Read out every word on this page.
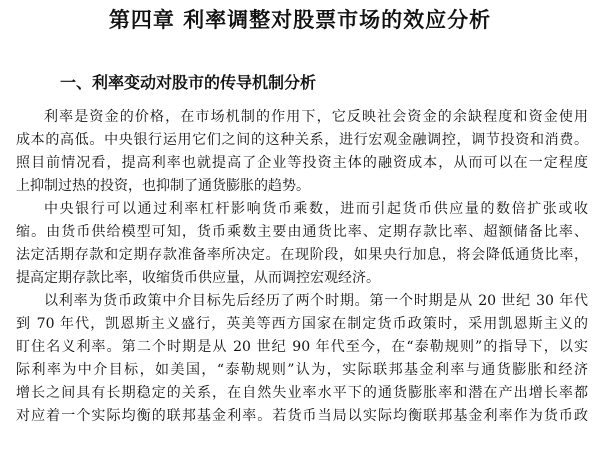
第四章 利率调整对股票市场的效应分析
一、利率变动对股市的传导机制分析
利率是资金的价格，在市场机制的作用下，它反映社会资金的余缺程度和资金使用
成本的高低。中央银行运用它们之间的这种关系，进行宏观金融调控，调节投资和消费。
照目前情况看，提高利率也就提高了企业等投资主体的融资成本，从而可以在一定程度
上抑制过热的投资，也抑制了通货膨胀的趋势。
中央银行可以通过利率杠杆影响货币乘数，进而引起货币供应量的数倍扩张或收
缩。由货币供给模型可知，货币乘数主要由通货比率、定期存款比率、超额储备比率、
法定活期存款和定期存款准备率所决定。在现阶段，如果央行加息，将会降低通货比率，
提高定期存款比率，收缩货币供应量，从而调控宏观经济。
以利率为货币政策中介目标先后经历了两个时期。第一个时期是从 20 世纪 30 年代
到 70 年代，凯恩斯主义盛行，英美等西方国家在制定货币政策时，采用凯恩斯主义的
盯住名义利率。第二个时期是从 20 世纪 90 年代至今，在“泰勒规则”的指导下，以实
际利率为中介目标，如美国，“泰勒规则”认为，实际联邦基金利率与通货膨胀和经济
增长之间具有长期稳定的关系，在自然失业率水平下的通货膨胀率和潜在产出增长率都
对应着一个实际均衡的联邦基金利率。若货币当局以实际均衡联邦基金利率作为货币政
